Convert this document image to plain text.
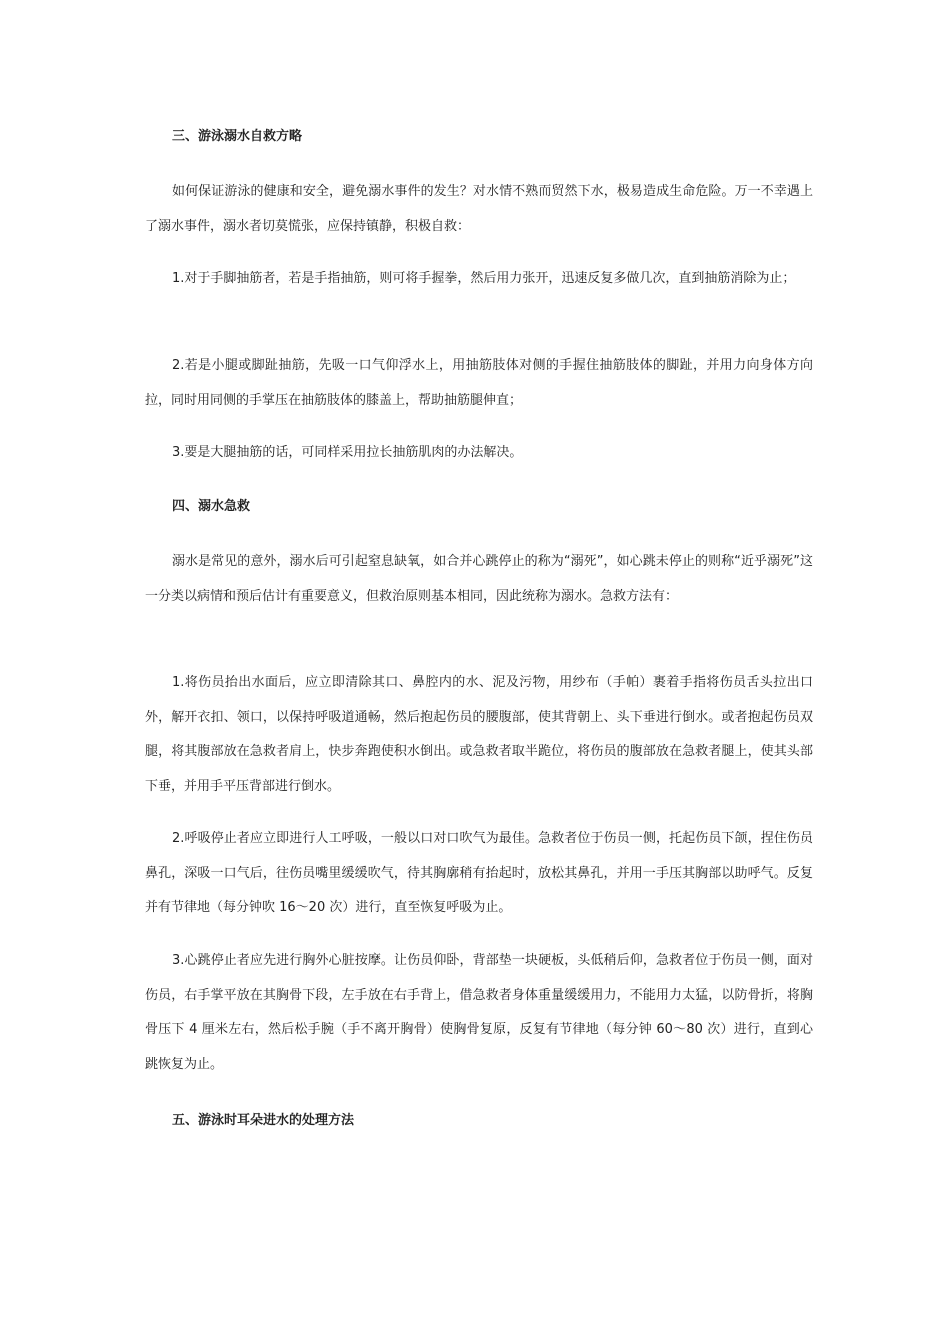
三、游泳溺水自救方略
如何保证游泳的健康和安全，避免溺水事件的发生？对水情不熟而贸然下水，极易造成生命危险。万一不幸遇上了溺水事件，溺水者切莫慌张，应保持镇静，积极自救：
1.对于手脚抽筋者，若是手指抽筋，则可将手握拳，然后用力张开，迅速反复多做几次，直到抽筋消除为止；
2.若是小腿或脚趾抽筋，先吸一口气仰浮水上，用抽筋肢体对侧的手握住抽筋肢体的脚趾，并用力向身体方向拉，同时用同侧的手掌压在抽筋肢体的膝盖上，帮助抽筋腿伸直；
3.要是大腿抽筋的话，可同样采用拉长抽筋肌肉的办法解决。
四、溺水急救
溺水是常见的意外，溺水后可引起窒息缺氧，如合并心跳停止的称为“溺死”，如心跳未停止的则称“近乎溺死”这一分类以病情和预后估计有重要意义，但救治原则基本相同，因此统称为溺水。急救方法有：
1.将伤员抬出水面后，应立即清除其口、鼻腔内的水、泥及污物，用纱布（手帕）裹着手指将伤员舌头拉出口外，解开衣扣、领口，以保持呼吸道通畅，然后抱起伤员的腰腹部，使其背朝上、头下垂进行倒水。或者抱起伤员双腿，将其腹部放在急救者肩上，快步奔跑使积水倒出。或急救者取半跪位，将伤员的腹部放在急救者腿上，使其头部下垂，并用手平压背部进行倒水。
2.呼吸停止者应立即进行人工呼吸，一般以口对口吹气为最佳。急救者位于伤员一侧，托起伤员下颌，捏住伤员鼻孔，深吸一口气后，往伤员嘴里缓缓吹气，待其胸廓稍有抬起时，放松其鼻孔，并用一手压其胸部以助呼气。反复并有节律地（每分钟吹 16～20 次）进行，直至恢复呼吸为止。
3.心跳停止者应先进行胸外心脏按摩。让伤员仰卧，背部垫一块硬板，头低稍后仰，急救者位于伤员一侧，面对伤员，右手掌平放在其胸骨下段，左手放在右手背上，借急救者身体重量缓缓用力，不能用力太猛，以防骨折，将胸骨压下 4 厘米左右，然后松手腕（手不离开胸骨）使胸骨复原，反复有节律地（每分钟 60～80 次）进行，直到心跳恢复为止。
五、游泳时耳朵进水的处理方法
